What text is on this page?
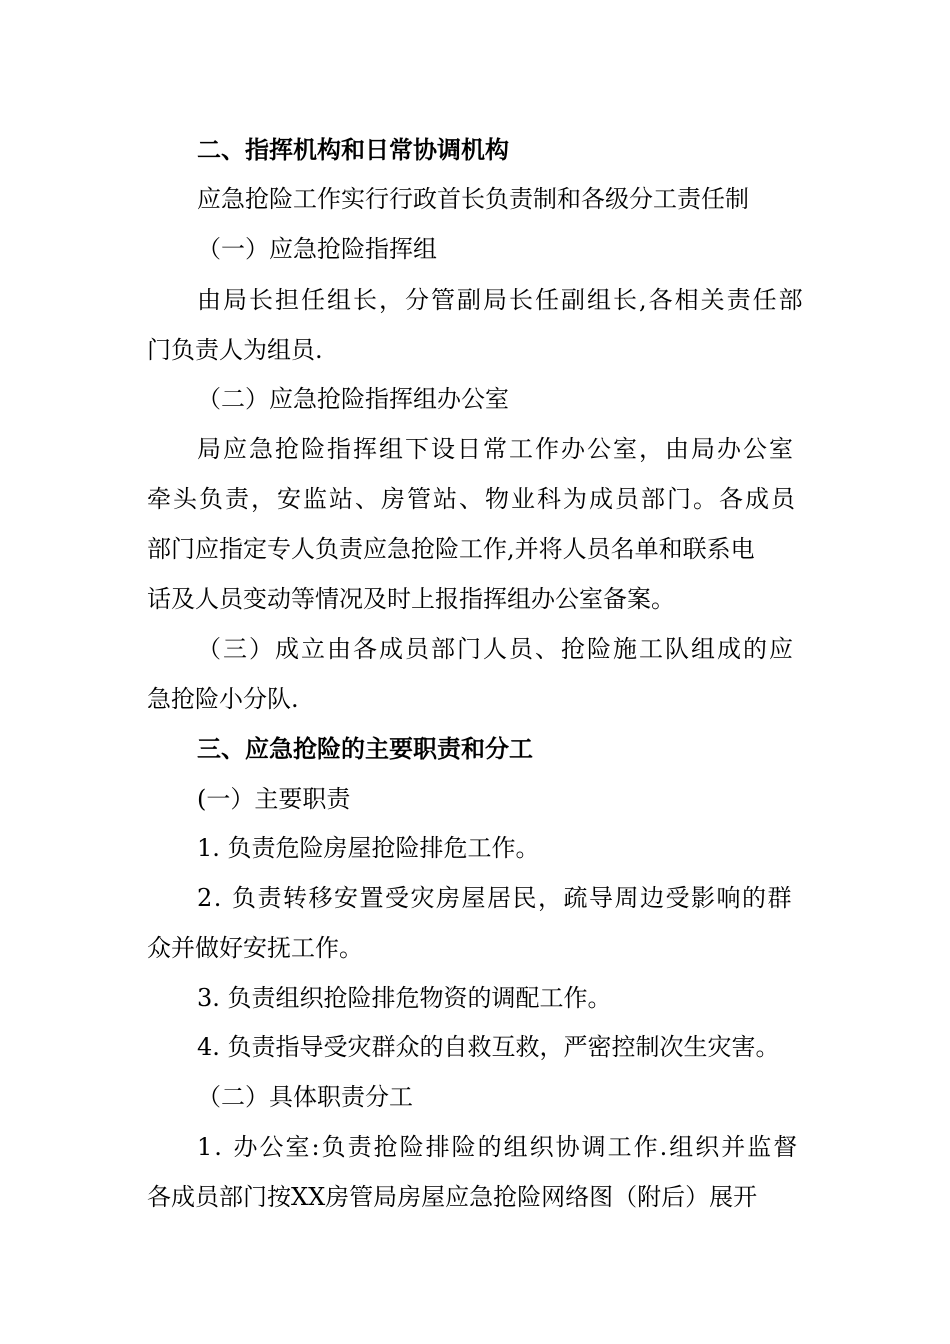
二、指挥机构和日常协调机构
应急抢险工作实行行政首长负责制和各级分工责任制
（一）应急抢险指挥组
由局长担任组长，分管副局长任副组长,各相关责任部
门负责人为组员.
（二）应急抢险指挥组办公室
局应急抢险指挥组下设日常工作办公室，由局办公室
牵头负责，安监站、房管站、物业科为成员部门。各成员
部门应指定专人负责应急抢险工作,并将人员名单和联系电
话及人员变动等情况及时上报指挥组办公室备案。
（三）成立由各成员部门人员、抢险施工队组成的应
急抢险小分队.
三、应急抢险的主要职责和分工
(一）主要职责
1. 负责危险房屋抢险排危工作。
2. 负责转移安置受灾房屋居民，疏导周边受影响的群
众并做好安抚工作。
3. 负责组织抢险排危物资的调配工作。
4. 负责指导受灾群众的自救互救，严密控制次生灾害。
（二）具体职责分工
1. 办公室:负责抢险排险的组织协调工作.组织并监督
各成员部门按XX房管局房屋应急抢险网络图（附后）展开
